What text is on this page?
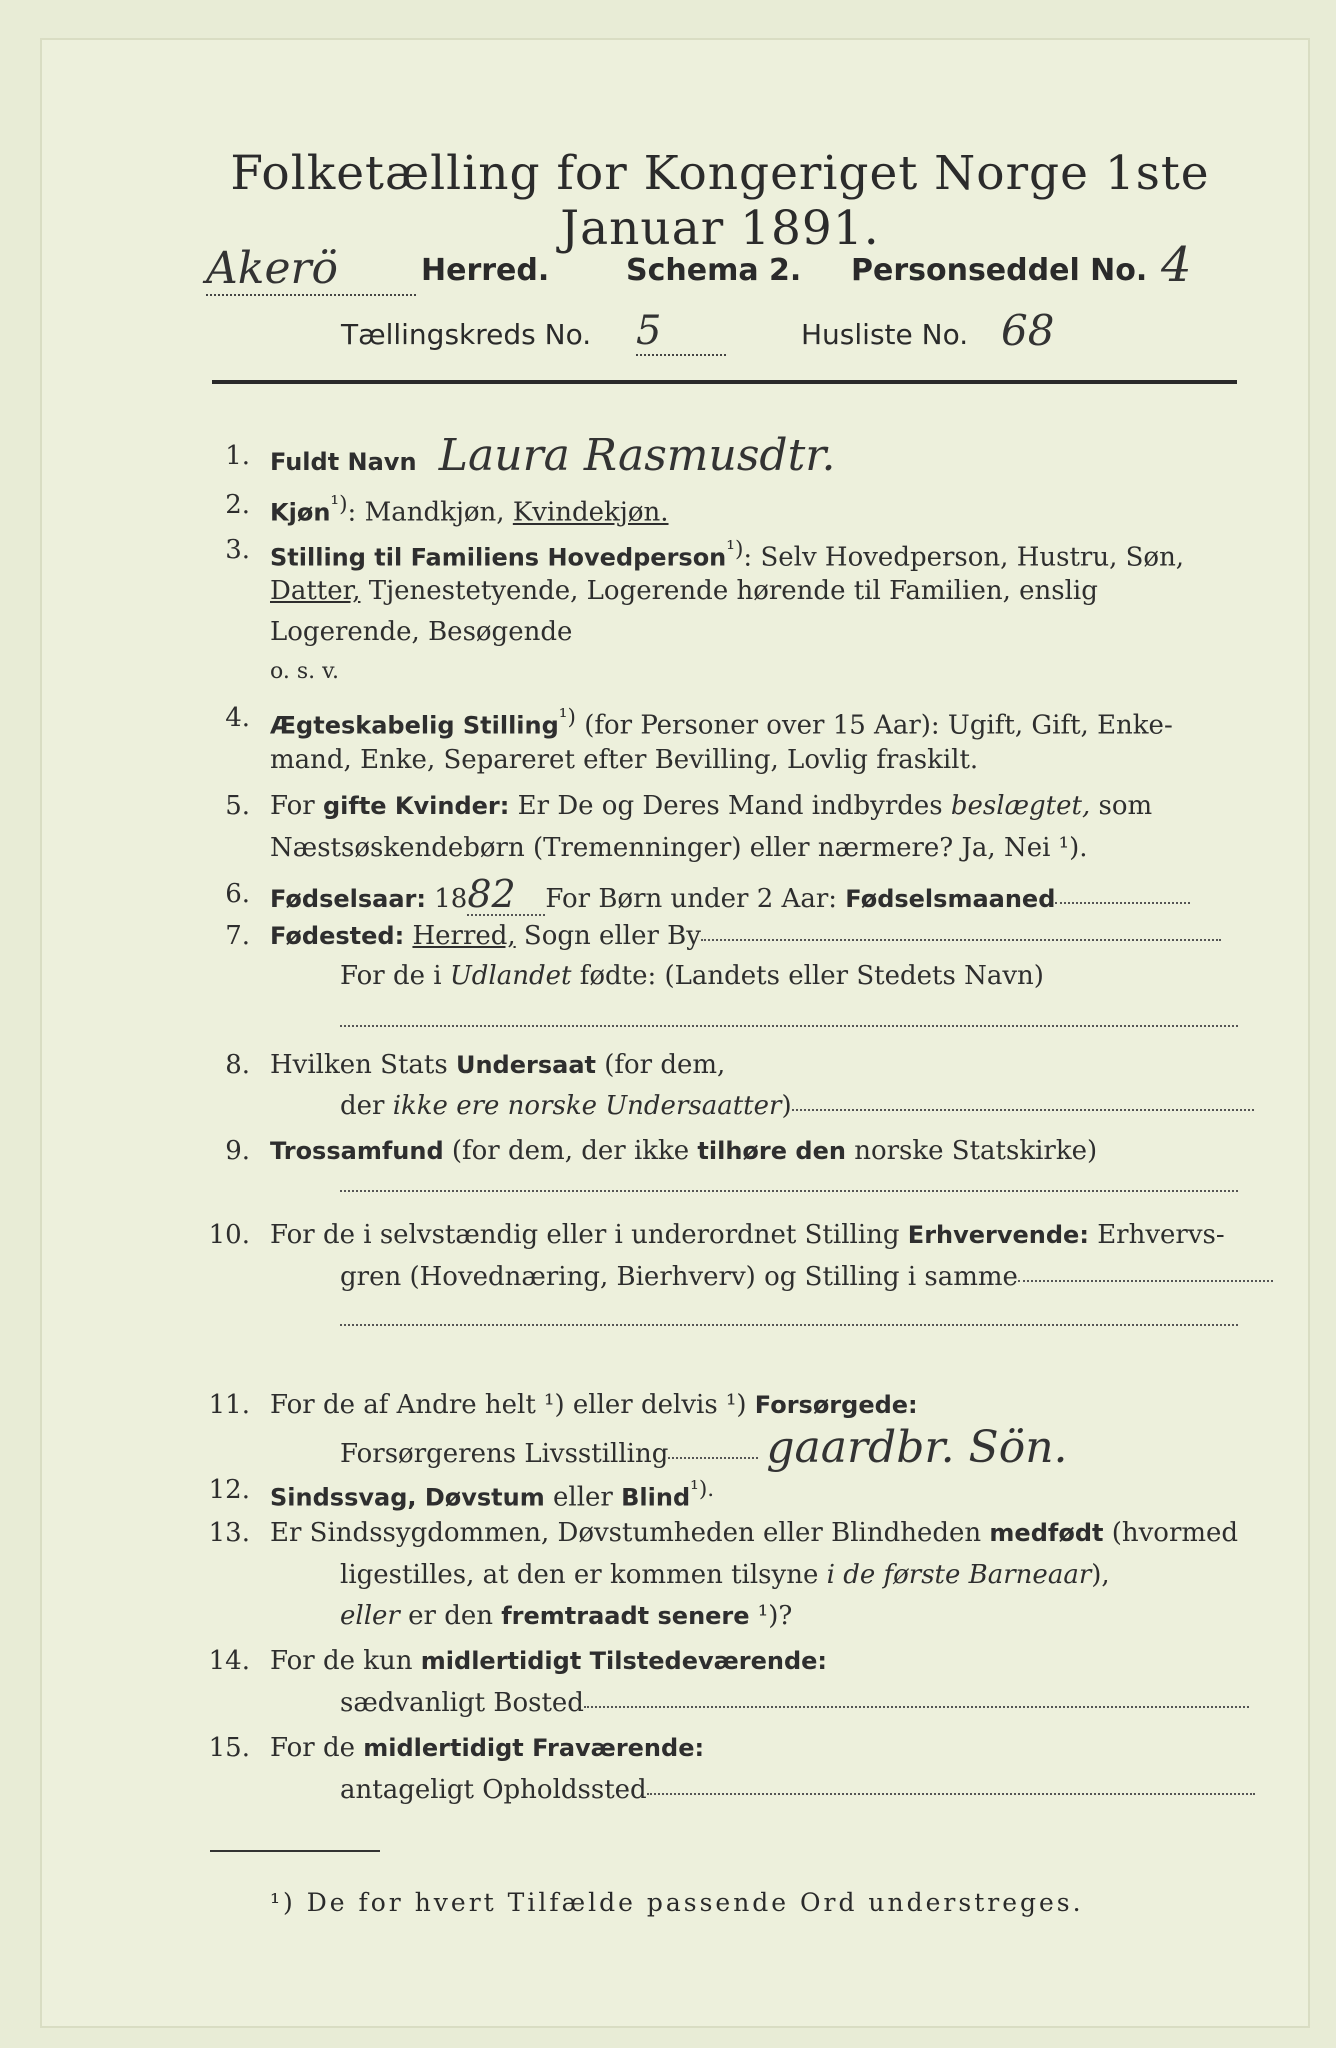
Folketælling for Kongeriget Norge 1ste Januar 1891.
Akerö	Herred.	Schema 2. Personseddel No. 4
Tællingskreds No. 5	Husliste No. 68
1. Fuldt Navn Laura Rasmusdtr.
2. Kjøn$^{^1)}$: Mandkjøn, Kvindekjøn.
3. Stilling til Familiens Hovedperson$^{^1)}$: Selv Hovedperson, Hustru, Søn,
Datter, Tjenestetyende, Logerende hørende til Familien, enslig
Logerende, Besøgende
o. s. v.
4. Ægteskabelig Stilling$^{^1)}$ (for Personer over 15 Aar): Ugift, Gift, Enke-
mand, Enke, Separeret efter Bevilling, Lovlig fraskilt.
5. For gifte Kvinder: Er De og Deres Mand indbyrdes beslægtet, som
Næstsøskendebørn (Tremenninger) eller nærmere? Ja, Nei ¹).
6. Fødselsaar: 1882 For Børn under 2 Aar: Fødselsmaaned
7. Fødested: Herred, Sogn eller By
For de i Udlandet fødte: (Landets eller Stedets Navn)
8. Hvilken Stats Undersaat (for dem,
der ikke ere norske Undersaatter)
9. Trossamfund (for dem, der ikke tilhøre den norske Statskirke)
10. For de i selvstændig eller i underordnet Stilling Erhvervende: Erhvervs-
gren (Hovednæring, Bierhverv) og Stilling i samme
11. For de af Andre helt ¹) eller delvis ¹) Forsørgede:
Forsørgerens Livsstilling gaardbr. Sön.
12. Sindssvag, Døvstum eller Blind$^{^1).}$
13. Er Sindssygdommen, Døvstumheden eller Blindheden medfødt (hvormed
ligestilles, at den er kommen tilsyne i de første Barneaar),
eller er den fremtraadt senere ¹)?
14. For de kun midlertidigt Tilstedeværende:
sædvanligt Bosted
15. For de midlertidigt Fraværende:
antageligt Opholdssted
¹) De for hvert Tilfælde passende Ord understreges.
